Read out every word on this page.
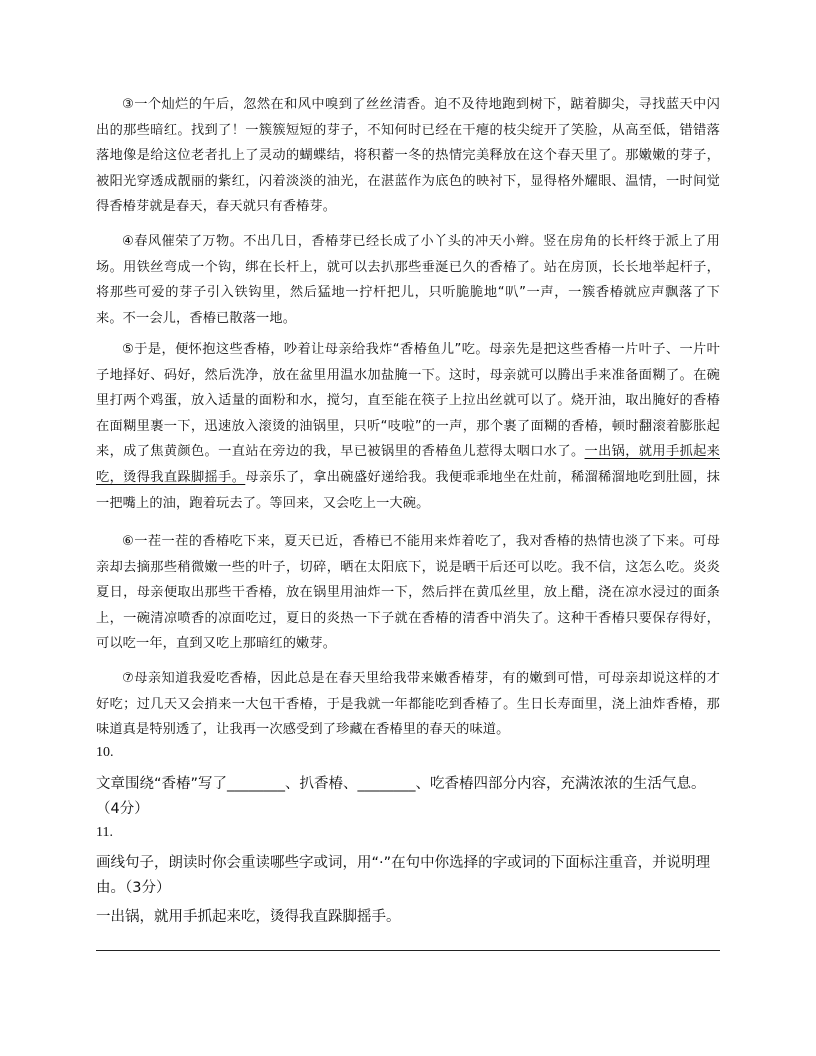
③一个灿烂的午后，忽然在和风中嗅到了丝丝清香。迫不及待地跑到树下，踮着脚尖，寻找蓝天中闪出的那些暗红。找到了！一簇簇短短的芽子，不知何时已经在干瘪的枝尖绽开了笑脸，从高至低，错错落落地像是给这位老者扎上了灵动的蝴蝶结，将积蓄一冬的热情完美释放在这个春天里了。那嫩嫩的芽子，被阳光穿透成靓丽的紫红，闪着淡淡的油光，在湛蓝作为底色的映衬下，显得格外耀眼、温情，一时间觉得香椿芽就是春天，春天就只有香椿芽。

④春风催荣了万物。不出几日，香椿芽已经长成了小丫头的冲天小辫。竖在房角的长杆终于派上了用场。用铁丝弯成一个钩，绑在长杆上，就可以去扒那些垂涎已久的香椿了。站在房顶，长长地举起杆子，将那些可爱的芽子引入铁钩里，然后猛地一拧杆把儿，只听脆脆地“叭”一声，一簇香椿就应声飘落了下来。不一会儿，香椿已散落一地。

⑤于是，便怀抱这些香椿，吵着让母亲给我炸“香椿鱼儿”吃。母亲先是把这些香椿一片叶子、一片叶子地择好、码好，然后洗净，放在盆里用温水加盐腌一下。这时，母亲就可以腾出手来准备面糊了。在碗里打两个鸡蛋，放入适量的面粉和水，搅匀，直至能在筷子上拉出丝就可以了。烧开油，取出腌好的香椿在面糊里裹一下，迅速放入滚烫的油锅里，只听“吱啦”的一声，那个裹了面糊的香椿，顿时翻滚着膨胀起来，成了焦黄颜色。一直站在旁边的我，早已被锅里的香椿鱼儿惹得太咽口水了。一出锅，就用手抓起来吃，烫得我直跺脚摇手。母亲乐了，拿出碗盛好递给我。我便乖乖地坐在灶前，稀溜稀溜地吃到肚圆，抹一把嘴上的油，跑着玩去了。等回来，又会吃上一大碗。

⑥一茬一茬的香椿吃下来，夏天已近，香椿已不能用来炸着吃了，我对香椿的热情也淡了下来。可母亲却去摘那些稍微嫩一些的叶子，切碎，晒在太阳底下，说是晒干后还可以吃。我不信，这怎么吃。炎炎夏日，母亲便取出那些干香椿，放在锅里用油炸一下，然后拌在黄瓜丝里，放上醋，浇在凉水浸过的面条上，一碗清凉喷香的凉面吃过，夏日的炎热一下子就在香椿的清香中消失了。这种干香椿只要保存得好，可以吃一年，直到又吃上那暗红的嫩芽。

⑦母亲知道我爱吃香椿，因此总是在春天里给我带来嫩香椿芽，有的嫩到可惜，可母亲却说这样的才好吃；过几天又会捎来一大包干香椿，于是我就一年都能吃到香椿了。生日长寿面里，浇上油炸香椿，那味道真是特别透了，让我再一次感受到了珍藏在香椿里的春天的味道。

10.

文章围绕“香椿”写了________、扒香椿、________、吃香椿四部分内容，充满浓浓的生活气息。（4分）

11.

画线句子，朗读时你会重读哪些字或词，用“·”在句中你选择的字或词的下面标注重音，并说明理由。（3分）

一出锅，就用手抓起来吃，烫得我直跺脚摇手。
